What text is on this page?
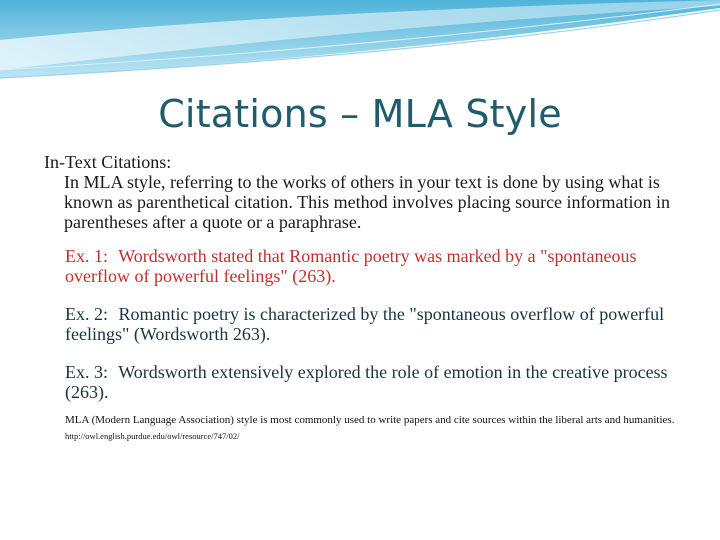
Citations – MLA Style
In-Text Citations:
In MLA style, referring to the works of others in your text is done by using what is known as parenthetical citation. This method involves placing source information in parentheses after a quote or a paraphrase.
Ex. 1: Wordsworth stated that Romantic poetry was marked by a "spontaneous overflow of powerful feelings" (263).
Ex. 2: Romantic poetry is characterized by the "spontaneous overflow of powerful feelings" (Wordsworth 263).
Ex. 3: Wordsworth extensively explored the role of emotion in the creative process (263).
MLA (Modern Language Association) style is most commonly used to write papers and cite sources within the liberal arts and humanities.
http://owl.english.purdue.edu/owl/resource/747/02/
